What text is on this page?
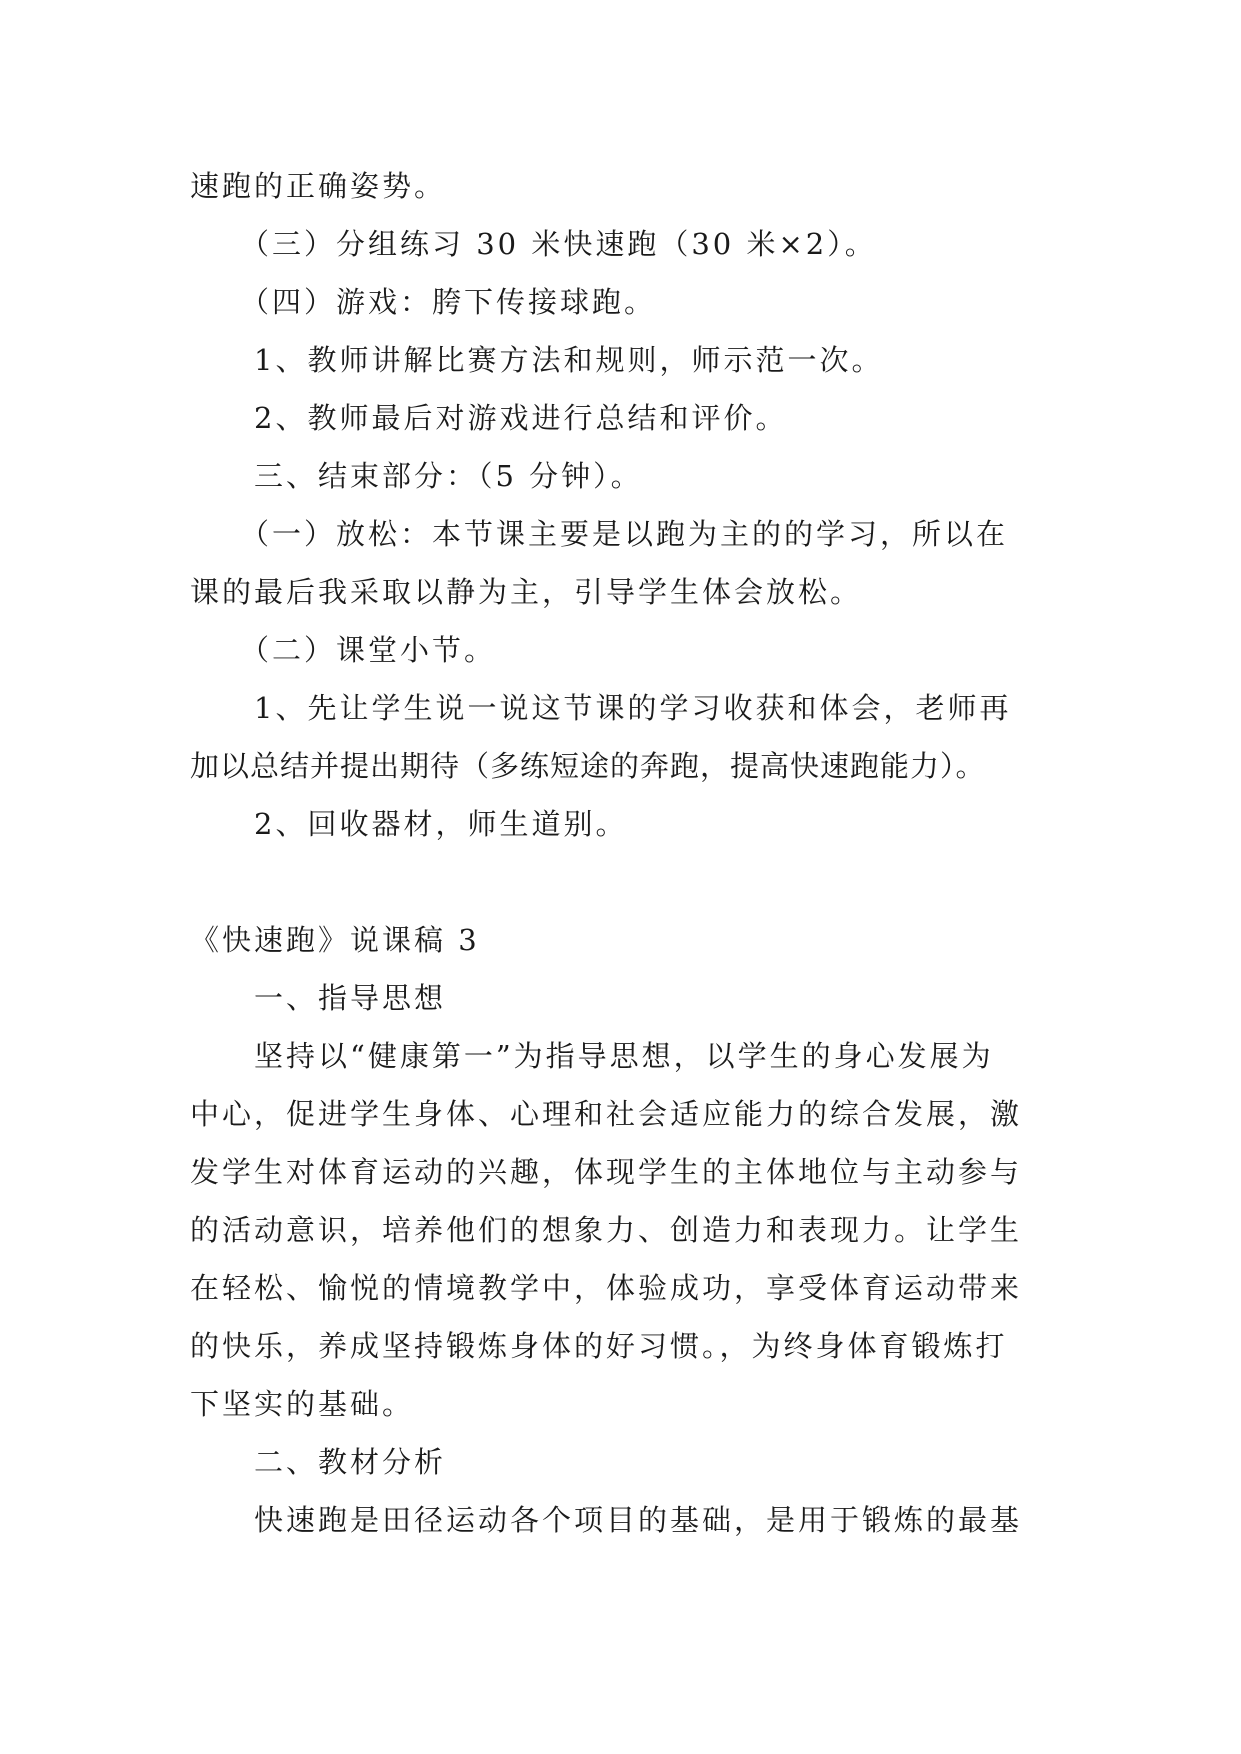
速跑的正确姿势。
（三）分组练习 30 米快速跑（30 米×2）。
（四）游戏：胯下传接球跑。
1、教师讲解比赛方法和规则，师示范一次。
2、教师最后对游戏进行总结和评价。
三、结束部分：（5 分钟）。
（一）放松：本节课主要是以跑为主的的学习，所以在
课的最后我采取以静为主，引导学生体会放松。
（二）课堂小节。
1、先让学生说一说这节课的学习收获和体会，老师再
加以总结并提出期待（多练短途的奔跑，提高快速跑能力）。
2、回收器材，师生道别。
《快速跑》说课稿 3
一、指导思想
坚持以“健康第一”为指导思想，以学生的身心发展为
中心，促进学生身体、心理和社会适应能力的综合发展，激
发学生对体育运动的兴趣，体现学生的主体地位与主动参与
的活动意识，培养他们的想象力、创造力和表现力。让学生
在轻松、愉悦的情境教学中，体验成功，享受体育运动带来
的快乐，养成坚持锻炼身体的好习惯。，为终身体育锻炼打
下坚实的基础。
二、教材分析
快速跑是田径运动各个项目的基础，是用于锻炼的最基
